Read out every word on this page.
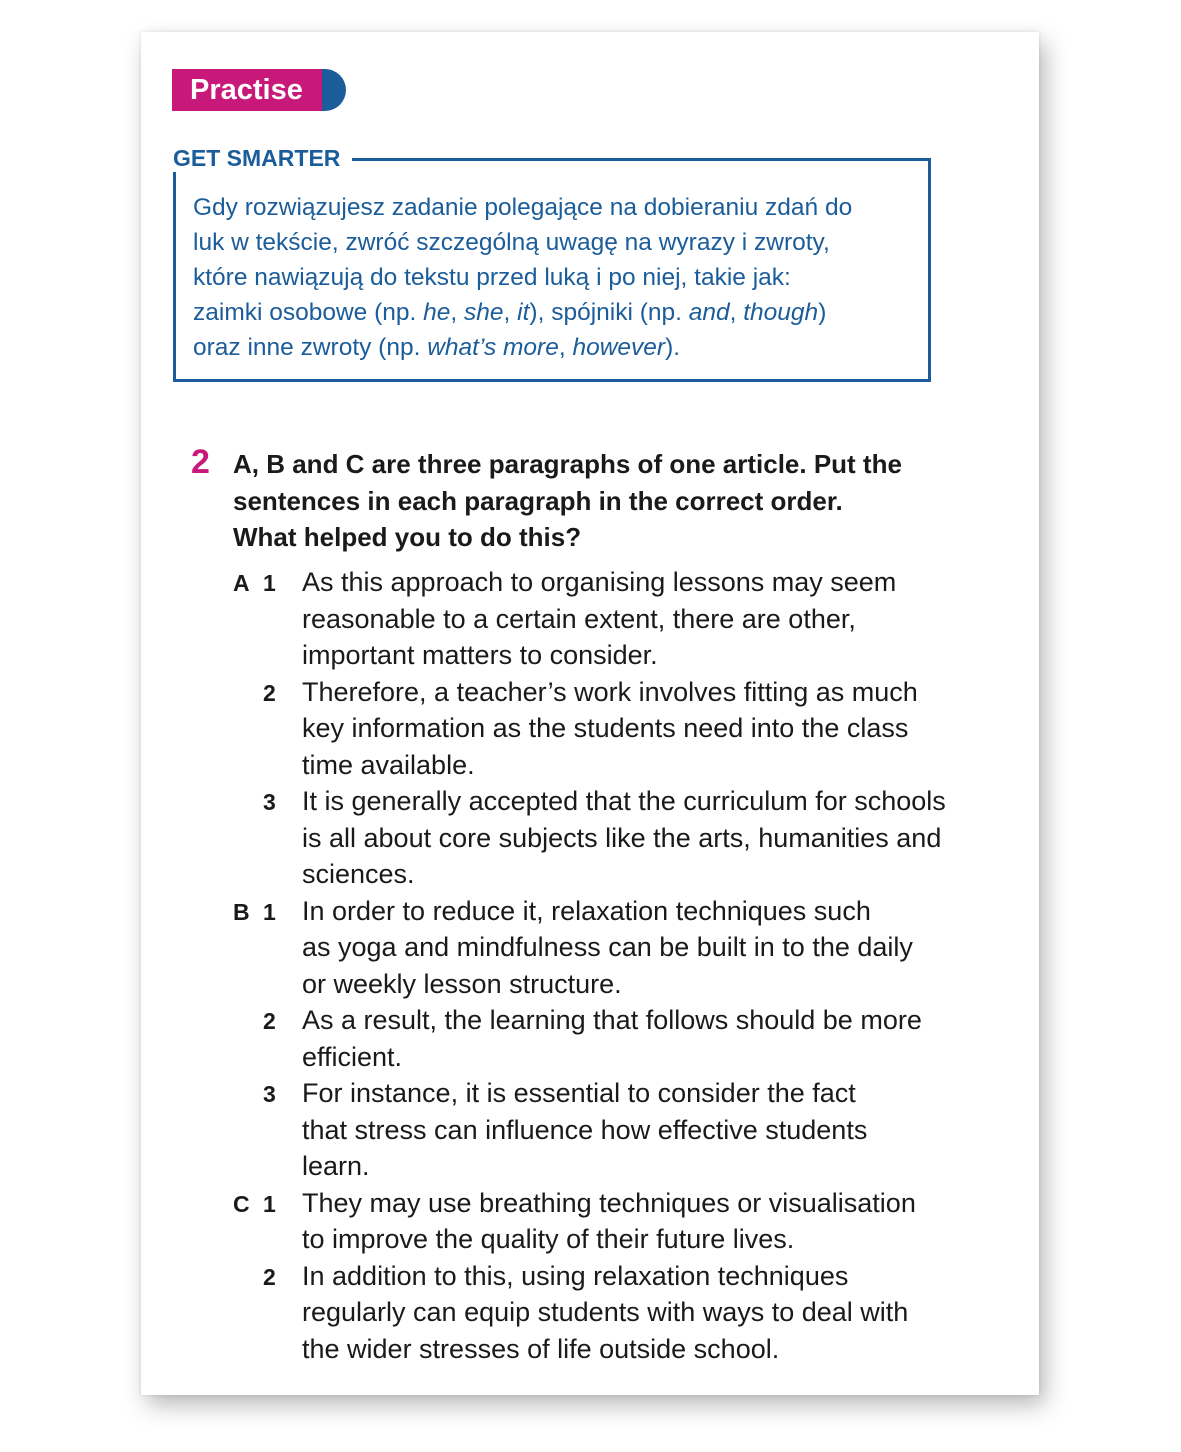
Practise
GET SMARTER
Gdy rozwiązujesz zadanie polegające na dobieraniu zdań do
luk w tekście, zwróć szczególną uwagę na wyrazy i zwroty,
które nawiązują do tekstu przed luką i po niej, takie jak:
zaimki osobowe (np. he, she, it), spójniki (np. and, though)
oraz inne zwroty (np. what’s more, however).
2 A, B and C are three paragraphs of one article. Put the
sentences in each paragraph in the correct order.
What helped you to do this?
A 1 As this approach to organising lessons may seem
reasonable to a certain extent, there are other,
important matters to consider.
2 Therefore, a teacher’s work involves fitting as much
key information as the students need into the class
time available.
3 It is generally accepted that the curriculum for schools
is all about core subjects like the arts, humanities and
sciences.
B 1 In order to reduce it, relaxation techniques such
as yoga and mindfulness can be built in to the daily
or weekly lesson structure.
2 As a result, the learning that follows should be more
efficient.
3 For instance, it is essential to consider the fact
that stress can influence how effective students
learn.
C 1 They may use breathing techniques or visualisation
to improve the quality of their future lives.
2 In addition to this, using relaxation techniques
regularly can equip students with ways to deal with
the wider stresses of life outside school.
